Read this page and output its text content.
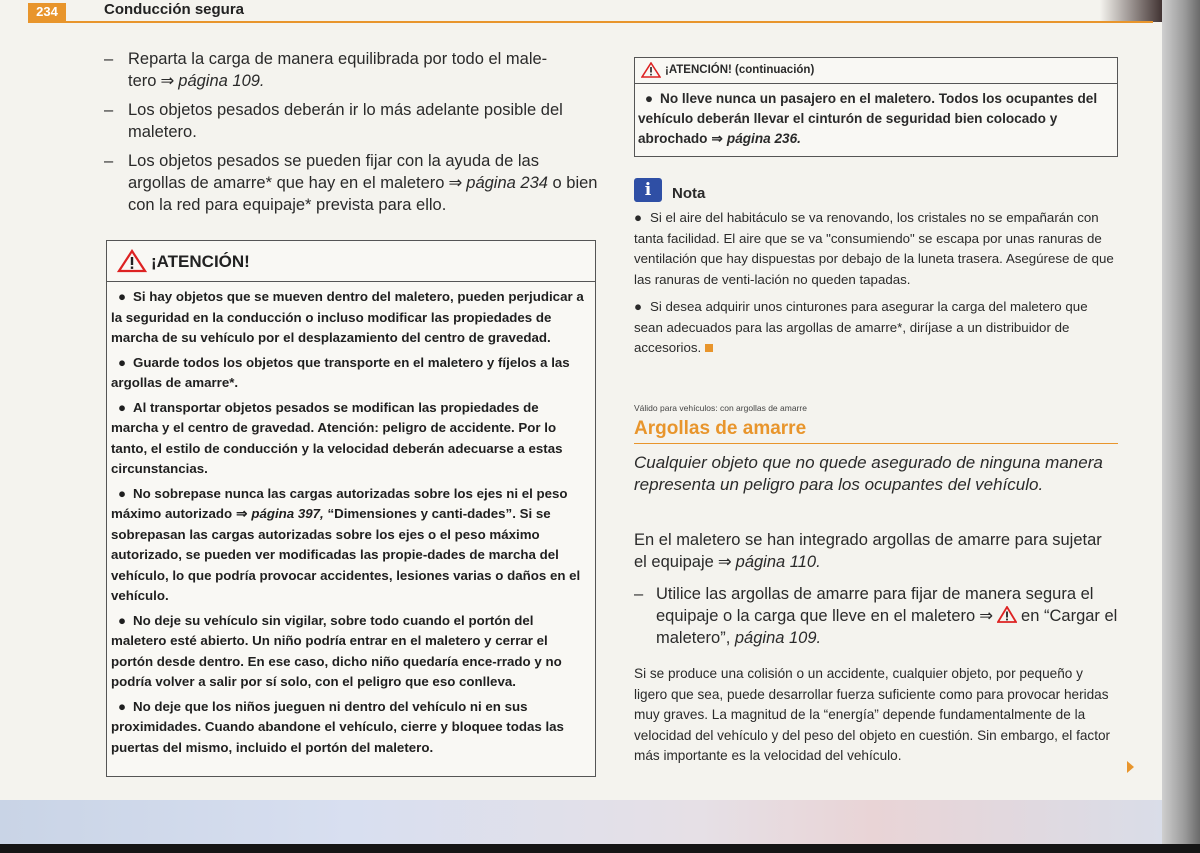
234	Conducción segura
– Reparta la carga de manera equilibrada por todo el male-tero ⇒ página 109.
– Los objetos pesados deberán ir lo más adelante posible del maletero.
– Los objetos pesados se pueden fijar con la ayuda de las argollas de amarre* que hay en el maletero ⇒ página 234 o bien con la red para equipaje* prevista para ello.
¡ATENCIÓN!

● Si hay objetos que se mueven dentro del maletero, pueden perjudicar a la seguridad en la conducción o incluso modificar las propiedades de marcha de su vehículo por el desplazamiento del centro de gravedad.

● Guarde todos los objetos que transporte en el maletero y fíjelos a las argollas de amarre*.

● Al transportar objetos pesados se modifican las propiedades de marcha y el centro de gravedad. Atención: peligro de accidente. Por lo tanto, el estilo de conducción y la velocidad deberán adecuarse a estas circunstancias.

● No sobrepase nunca las cargas autorizadas sobre los ejes ni el peso máximo autorizado ⇒ página 397, “Dimensiones y canti-dades”. Si se sobrepasan las cargas autorizadas sobre los ejes o el peso máximo autorizado, se pueden ver modificadas las propie-dades de marcha del vehículo, lo que podría provocar accidentes, lesiones varias o daños en el vehículo.

● No deje su vehículo sin vigilar, sobre todo cuando el portón del maletero esté abierto. Un niño podría entrar en el maletero y cerrar el portón desde dentro. En ese caso, dicho niño quedaría ence-rrado y no podría volver a salir por sí solo, con el peligro que eso conlleva.

● No deje que los niños jueguen ni dentro del vehículo ni en sus proximidades. Cuando abandone el vehículo, cierre y bloquee todas las puertas del mismo, incluido el portón del maletero.

¡ATENCIÓN! (continuación)
● No lleve nunca un pasajero en el maletero. Todos los ocupantes del vehículo deberán llevar el cinturón de seguridad bien colocado y abrochado ⇒ página 236.
i	Nota

● Si el aire del habitáculo se va renovando, los cristales no se empañarán con tanta facilidad. El aire que se va "consumiendo" se escapa por unas ranuras de ventilación que hay dispuestas por debajo de la luneta trasera. Asegúrese de que las ranuras de venti-lación no queden tapadas.

● Si desea adquirir unos cinturones para asegurar la carga del maletero que sean adecuados para las argollas de amarre*, diríjase a un distribuidor de accesorios.

Válido para vehículos: con argollas de amarre
Argollas de amarre
Cualquier objeto que no quede asegurado de ninguna manera representa un peligro para los ocupantes del vehículo.
En el maletero se han integrado argollas de amarre para sujetar el equipaje ⇒ página 110.
– Utilice las argollas de amarre para fijar de manera segura el equipaje o la carga que lleve en el maletero ⇒ en “Cargar el maletero”, página 109.
Si se produce una colisión o un accidente, cualquier objeto, por pequeño y ligero que sea, puede desarrollar fuerza suficiente como para provocar heridas muy graves. La magnitud de la “energía” depende fundamentalmente de la velocidad del vehículo y del peso del objeto en cuestión. Sin embargo, el factor más importante es la velocidad del vehículo.
